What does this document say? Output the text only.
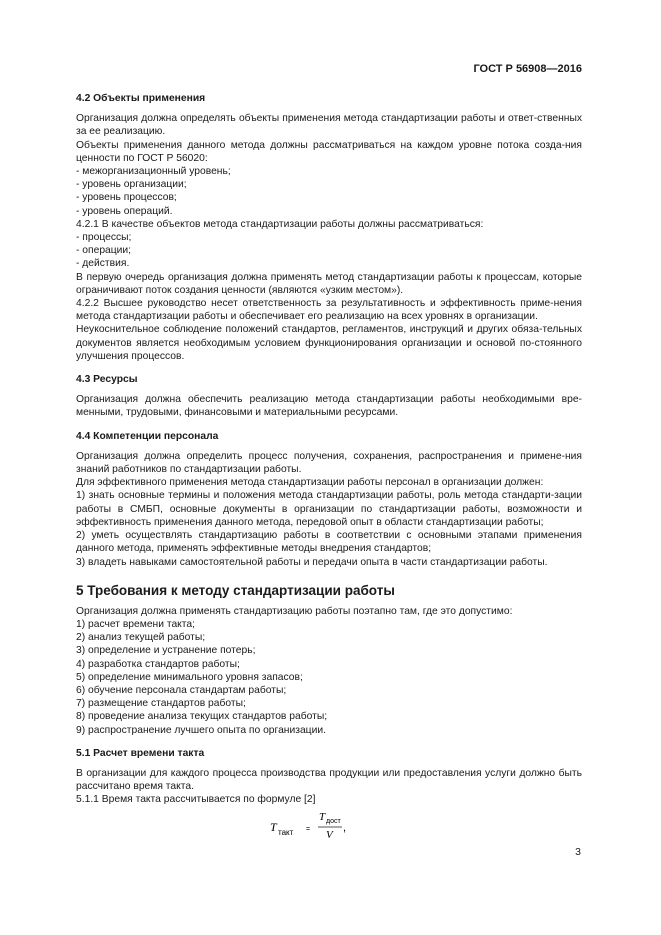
ГОСТ Р 56908—2016
4.2 Объекты применения

Организация должна определять объекты применения метода стандартизации работы и ответ-ственных за ее реализацию.

Объекты применения данного метода должны рассматриваться на каждом уровне потока созда-ния ценности по ГОСТ Р 56020:

- межорганизационный уровень;

- уровень организации;

- уровень процессов;

- уровень операций.

4.2.1 В качестве объектов метода стандартизации работы должны рассматриваться:

- процессы;

- операции;

- действия.

В первую очередь организация должна применять метод стандартизации работы к процессам, которые ограничивают поток создания ценности (являются «узким местом»).

4.2.2 Высшее руководство несет ответственность за результативность и эффективность приме-нения метода стандартизации работы и обеспечивает его реализацию на всех уровнях в организации.

Неукоснительное соблюдение положений стандартов, регламентов, инструкций и других обяза-тельных документов является необходимым условием функционирования организации и основой по-стоянного улучшения процессов.

4.3 Ресурсы

Организация должна обеспечить реализацию метода стандартизации работы необходимыми вре-менными, трудовыми, финансовыми и материальными ресурсами.

4.4 Компетенции персонала

Организация должна определить процесс получения, сохранения, распространения и примене-ния знаний работников по стандартизации работы.

Для эффективного применения метода стандартизации работы персонал в организации должен:

1) знать основные термины и положения метода стандартизации работы, роль метода стандарти-зации работы в СМБП, основные документы в организации по стандартизации работы, возможности и эффективность применения данного метода, передовой опыт в области стандартизации работы;

2) уметь осуществлять стандартизацию работы в соответствии с основными этапами применения данного метода, применять эффективные методы внедрения стандартов;

3) владеть навыками самостоятельной работы и передачи опыта в части стандартизации работы.

5 Требования к методу стандартизации работы

Организация должна применять стандартизацию работы поэтапно там, где это допустимо:

1) расчет времени такта;

2) анализ текущей работы;

3) определение и устранение потерь;

4) разработка стандартов работы;

5) определение минимального уровня запасов;

6) обучение персонала стандартам работы;

7) размещение стандартов работы;

8) проведение анализа текущих стандартов работы;

9) распространение лучшего опыта по организации.

5.1 Расчет времени такта

В организации для каждого процесса производства продукции или предоставления услуги должно быть рассчитано время такта.

5.1.1 Время такта рассчитывается по формуле [2]

T такт =
T дост
V
,
3
